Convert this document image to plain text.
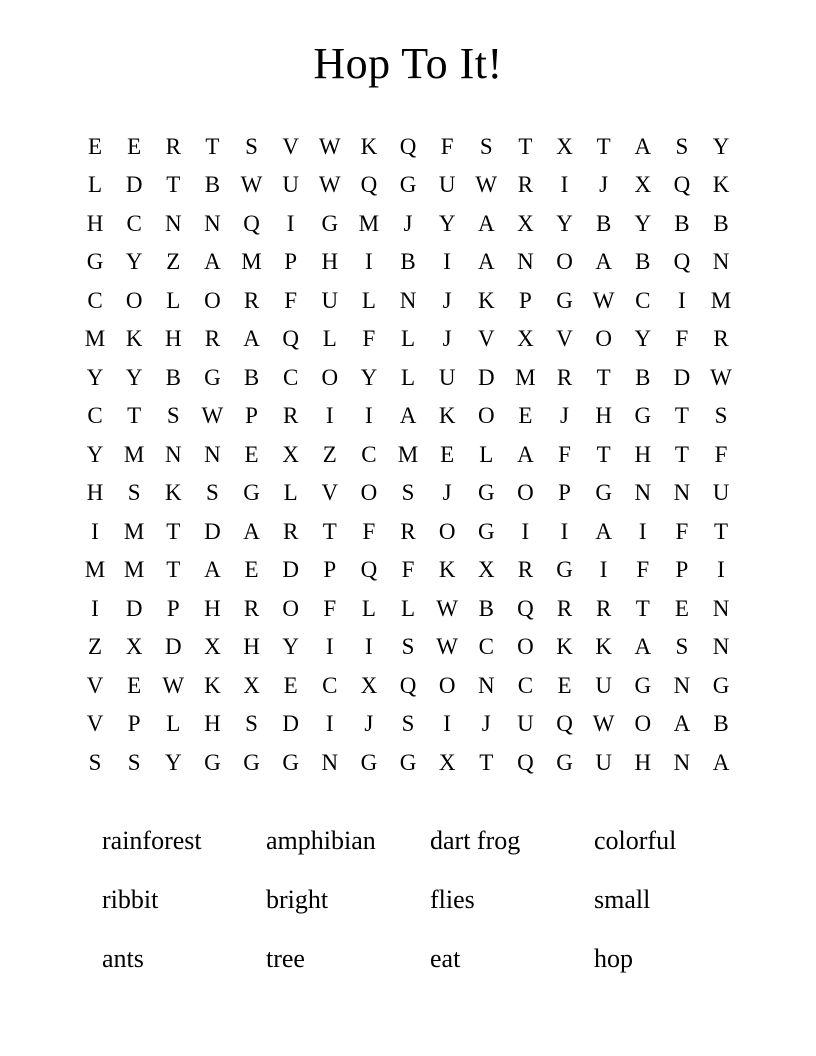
Hop To It!
E	E	R	T	S	V W K Q	F	S	T	X	T	A	S	Y
L	D	T	B W U W Q G U W R	I	J	X Q K
H	C	N N Q	I	G M	J	Y A X Y	B	Y	B	B
G Y	Z	A M P	H	I	B	I	A N O A	B	Q N
C	O	L	O	R	F	U	L	N	J	K	P	G W C	I	M
M K H	R	A Q	L	F	L	J	V X V O Y	F	R
Y Y	B	G	B	C	O Y	L	U D M R	T	B	D W
C	T	S W P	R	I	I	A K O	E	J	H G	T	S
Y M N N	E	X	Z	C M E	L	A	F	T	H	T	F
H	S	K	S	G	L	V O	S	J	G O	P	G N N U
I	M T	D A	R	T	F	R	O G	I	I	A	I	F	T
M M T	A	E	D	P	Q	F	K X	R	G	I	F	P	I
I	D	P	H	R	O	F	L	L W B	Q	R	R	T	E	N
Z	X D X H Y	I	I	S W C	O K K A	S	N
V	E W K X	E	C	X Q O N	C	E	U G N G
V	P	L	H	S	D	I	J	S	I	J	U Q W O A	B
S	S	Y G G G N G G X	T	Q G U H N A
rainforest	amphibian	dart frog	colorful
ribbit	bright	flies	small
ants	tree	eat	hop
